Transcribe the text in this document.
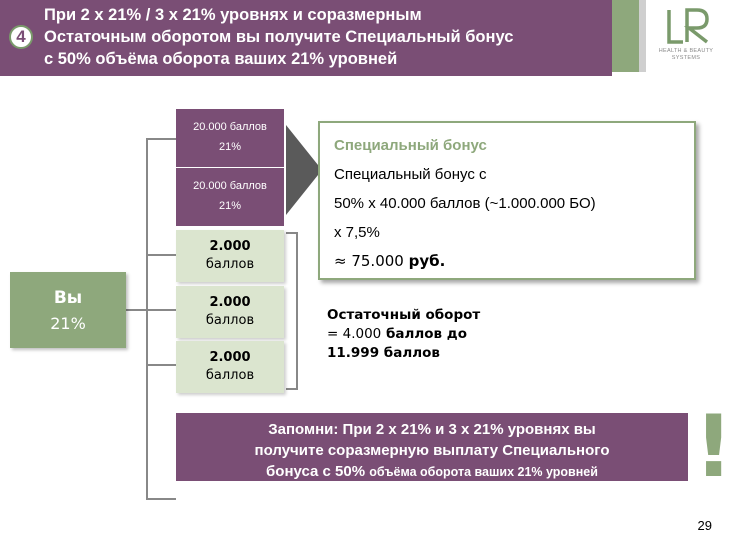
4
При 2 х 21% / 3 х 21% уровнях и соразмерным
Остаточным оборотом вы получите Специальный бонус
с 50% объёма оборота ваших 21% уровней	HEALTH & BEAUTY SYSTEMS
Вы
21%
20.000 баллов
21%
20.000 баллов
21%
2.000
баллов
2.000
баллов
2.000
баллов
Специальный бонус
Специальный бонус с
50% х 40.000 баллов (~1.000.000 БО)
х 7,5%
≈ 75.000 руб.
Остаточный оборот
= 4.000 баллов до
11.999 баллов
Запомни: При 2 х 21% и 3 х 21% уровнях вы
получите соразмерную выплату Специального
бонуса с 50% объёма оборота ваших 21% уровней	!
29
